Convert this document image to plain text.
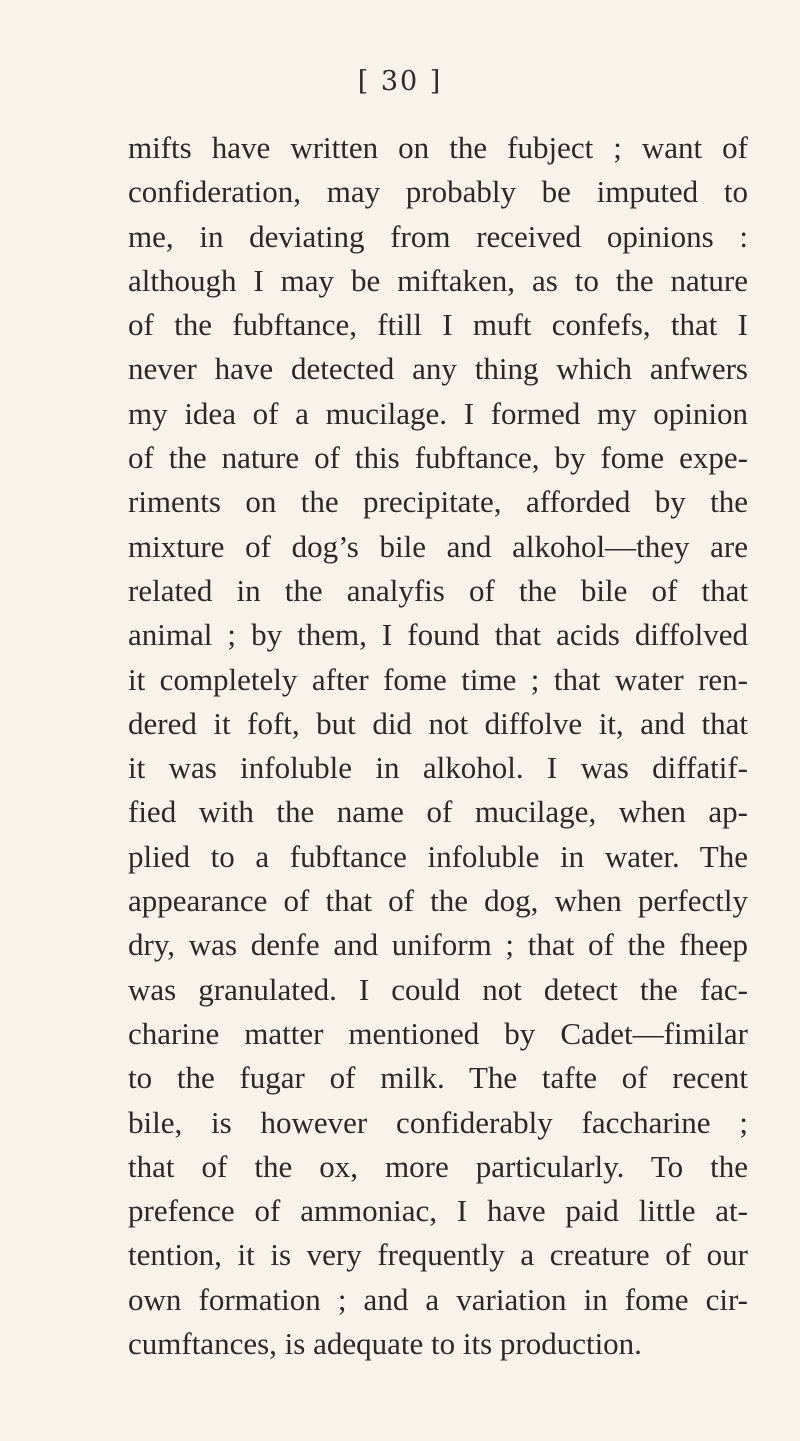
[ 30 ]
mifts have written on the fubject ; want of
confideration, may probably be imputed to
me, in deviating from received opinions :
although I may be miftaken, as to the nature
of the fubftance, ftill I muft confefs, that I
never have detected any thing which anfwers
my idea of a mucilage. I formed my opinion
of the nature of this fubftance, by fome expe-
riments on the precipitate, afforded by the
mixture of dog’s bile and alkohol—they are
related in the analyfis of the bile of that
animal ; by them, I found that acids diffolved
it completely after fome time ; that water ren-
dered it foft, but did not diffolve it, and that
it was infoluble in alkohol. I was diffatif-
fied with the name of mucilage, when ap-
plied to a fubftance infoluble in water. The
appearance of that of the dog, when perfectly
dry, was denfe and uniform ; that of the fheep
was granulated. I could not detect the fac-
charine matter mentioned by Cadet—fimilar
to the fugar of milk. The tafte of recent
bile, is however confiderably faccharine ;
that of the ox, more particularly. To the
prefence of ammoniac, I have paid little at-
tention, it is very frequently a creature of our
own formation ; and a variation in fome cir-
cumftances, is adequate to its production.
